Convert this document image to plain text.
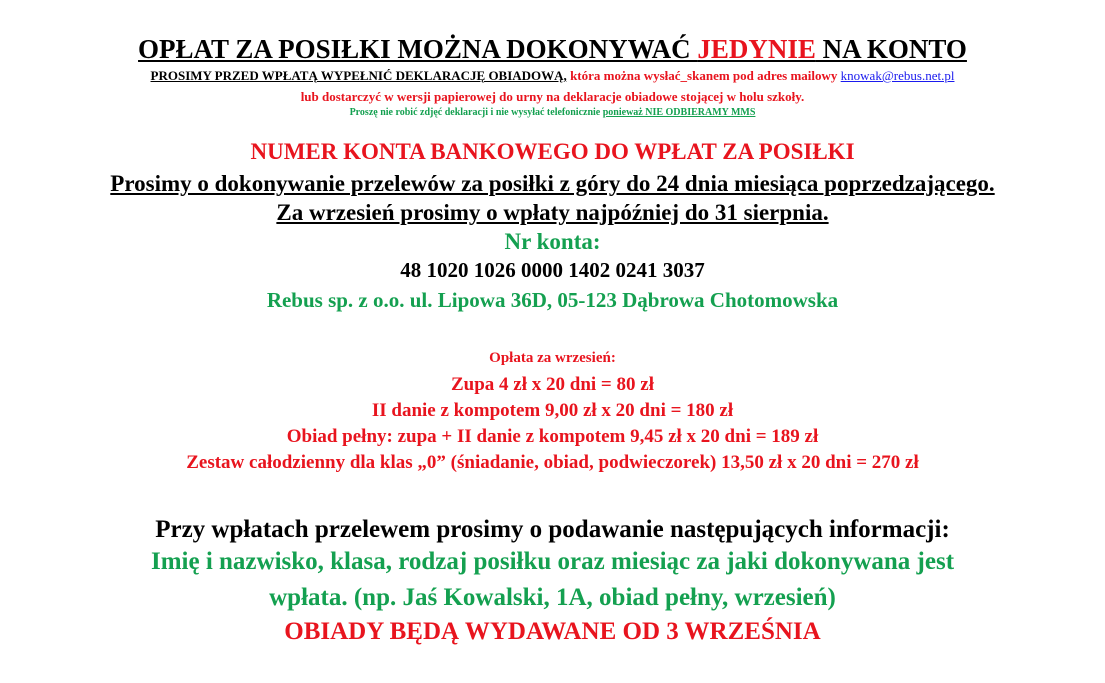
OPŁAT ZA POSIŁKI MOŻNA DOKONYWAĆ JEDYNIE NA KONTO
PROSIMY PRZED WPŁATĄ WYPEŁNIĆ DEKLARACJĘ OBIADOWĄ, która można wysłać_skanem pod adres mailowy knowak@rebus.net.pl
lub dostarczyć w wersji papierowej do urny na deklaracje obiadowe stojącej w holu szkoły.
Proszę nie robić zdjęć deklaracji i nie wysyłać telefonicznie ponieważ NIE ODBIERAMY MMS
NUMER KONTA BANKOWEGO DO WPŁAT ZA POSIŁKI
Prosimy o dokonywanie przelewów za posiłki z góry do 24 dnia miesiąca poprzedzającego.
Za wrzesień prosimy o wpłaty najpóźniej do 31 sierpnia.
Nr konta:
48 1020 1026 0000 1402 0241 3037
Rebus sp. z o.o. ul. Lipowa 36D, 05-123 Dąbrowa Chotomowska
Opłata za wrzesień:
Zupa 4 zł x 20 dni = 80 zł
II danie z kompotem 9,00 zł x 20 dni = 180 zł
Obiad pełny: zupa + II danie z kompotem 9,45 zł x 20 dni = 189 zł
Zestaw całodzienny dla klas „0” (śniadanie, obiad, podwieczorek) 13,50 zł x 20 dni = 270 zł
Przy wpłatach przelewem prosimy o podawanie następujących informacji:
Imię i nazwisko, klasa, rodzaj posiłku oraz miesiąc za jaki dokonywana jest
wpłata. (np. Jaś Kowalski, 1A, obiad pełny, wrzesień)
OBIADY BĘDĄ WYDAWANE OD 3 WRZEŚNIA
